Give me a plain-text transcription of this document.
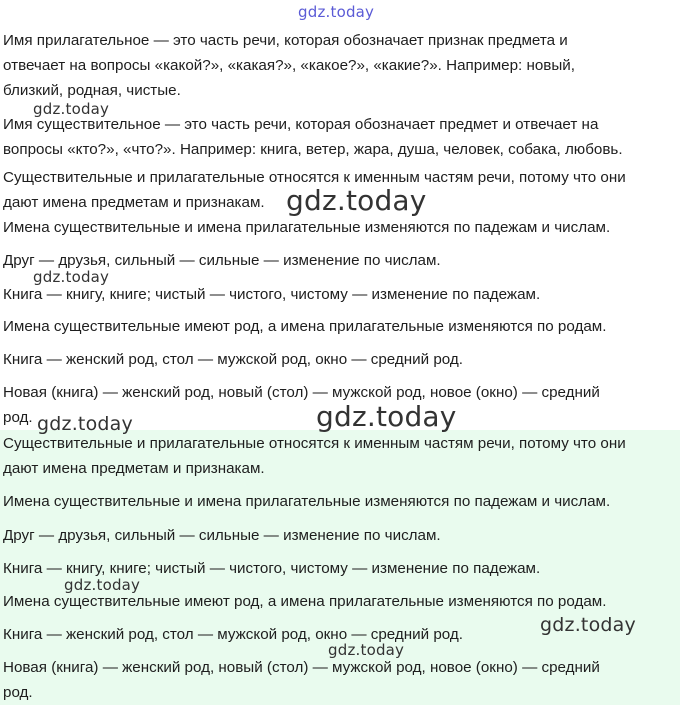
Имя прилагательное — это часть речи, которая обозначает признак предмета и
отвечает на вопросы «какой?», «какая?», «какое?», «какие?». Например: новый,
близкий, родная, чистые.

Имя существительное — это часть речи, которая обозначает предмет и отвечает на
вопросы «кто?», «что?». Например: книга, ветер, жара, душа, человек, собака, любовь.

Существительные и прилагательные относятся к именным частям речи, потому что они
дают имена предметам и признакам.

Имена существительные и имена прилагательные изменяются по падежам и числам.

Друг — друзья, сильный — сильные — изменение по числам.

Книга — книгу, книге; чистый — чистого, чистому — изменение по падежам.

Имена существительные имеют род, а имена прилагательные изменяются по родам.

Книга — женский род, стол — мужской род, окно — средний род.

Новая (книга) — женский род, новый (стол) — мужской род, новое (окно) — средний
род.

Существительные и прилагательные относятся к именным частям речи, потому что они
дают имена предметам и признакам.

Имена существительные и имена прилагательные изменяются по падежам и числам.

Друг — друзья, сильный — сильные — изменение по числам.

Книга — книгу, книге; чистый — чистого, чистому — изменение по падежам.

Имена существительные имеют род, а имена прилагательные изменяются по родам.

Книга — женский род, стол — мужской род, окно — средний род.

Новая (книга) — женский род, новый (стол) — мужской род, новое (окно) — средний
род.

gdz.today
gdz.today
gdz.today
gdz.today
gdz.today	gdz.today
gdz.today
gdz.today
gdz.today
